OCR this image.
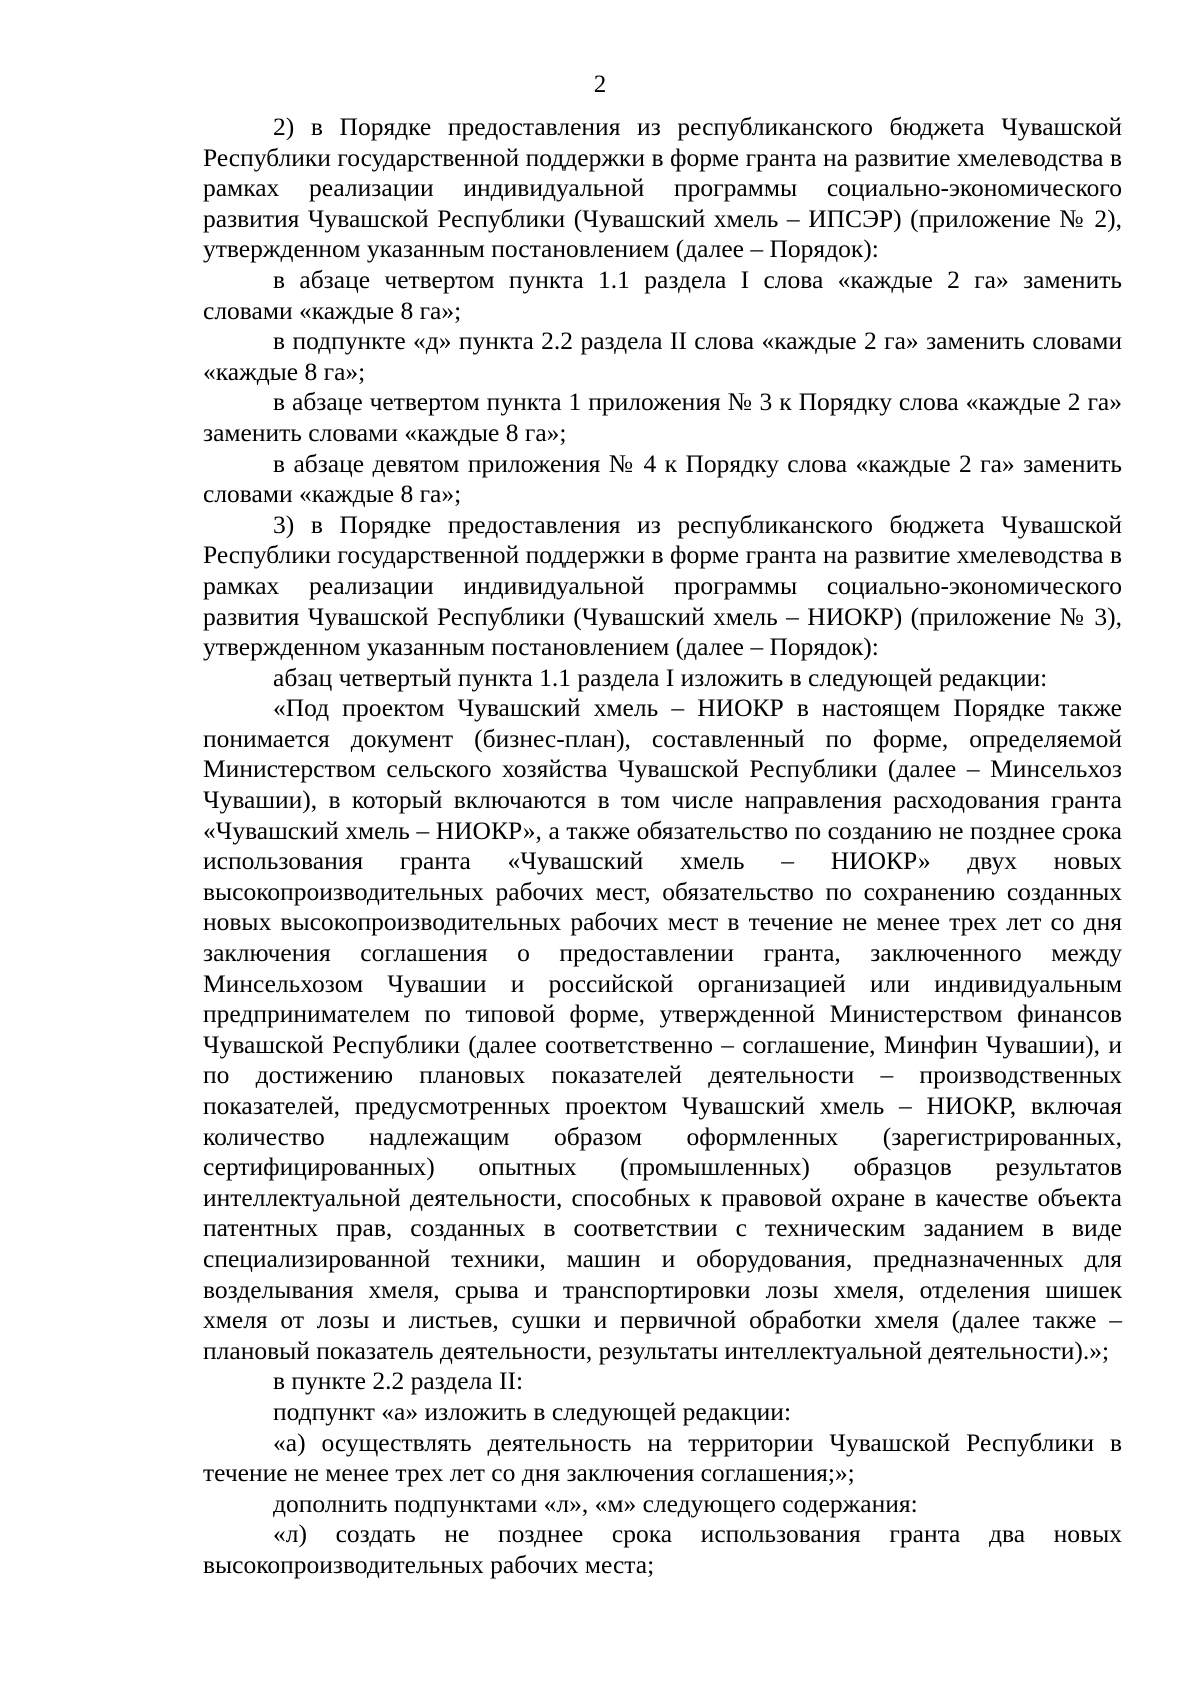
2

2) в Порядке предоставления из республиканского бюджета Чувашской Республики государственной поддержки в форме гранта на развитие хмелеводства в рамках реализации индивидуальной программы социально-экономического развития Чувашской Республики (Чувашский хмель – ИПСЭР) (приложение № 2), утвержденном указанным постановлением (далее – Порядок):

в абзаце четвертом пункта 1.1 раздела I слова «каждые 2 га» заменить словами «каждые 8 га»;

в подпункте «д» пункта 2.2 раздела II слова «каждые 2 га» заменить словами «каждые 8 га»;

в абзаце четвертом пункта 1 приложения № 3 к Порядку слова «каждые 2 га» заменить словами «каждые 8 га»;

в абзаце девятом приложения № 4 к Порядку слова «каждые 2 га» заменить словами «каждые 8 га»;

3) в Порядке предоставления из республиканского бюджета Чувашской Республики государственной поддержки в форме гранта на развитие хмелеводства в рамках реализации индивидуальной программы социально-экономического развития Чувашской Республики (Чувашский хмель – НИОКР) (приложение № 3), утвержденном указанным постановлением (далее – Порядок):

абзац четвертый пункта 1.1 раздела I изложить в следующей редакции:

«Под проектом Чувашский хмель – НИОКР в настоящем Порядке также понимается документ (бизнес-план), составленный по форме, определяемой Министерством сельского хозяйства Чувашской Республики (далее – Минсельхоз Чувашии), в который включаются в том числе направления расходования гранта «Чувашский хмель – НИОКР», а также обязательство по созданию не позднее срока использования гранта «Чувашский хмель – НИОКР» двух новых высокопроизводительных рабочих мест, обязательство по сохранению созданных новых высокопроизводительных рабочих мест в течение не менее трех лет со дня заключения соглашения о предоставлении гранта, заключенного между Минсельхозом Чувашии и российской организацией или индивидуальным предпринимателем по типовой форме, утвержденной Министерством финансов Чувашской Республики (далее соответственно – соглашение, Минфин Чувашии), и по достижению плановых показателей деятельности – производственных показателей, предусмотренных проектом Чувашский хмель – НИОКР, включая количество надлежащим образом оформленных (зарегистрированных, сертифицированных) опытных (промышленных) образцов результатов интеллектуальной деятельности, способных к правовой охране в качестве объекта патентных прав, созданных в соответствии с техническим заданием в виде специализированной техники, машин и оборудования, предназначенных для возделывания хмеля, срыва и транспортировки лозы хмеля, отделения шишек хмеля от лозы и листьев, сушки и первичной обработки хмеля (далее также – плановый показатель деятельности, результаты интеллектуальной деятельности).»;

в пункте 2.2 раздела II:

подпункт «а» изложить в следующей редакции:

«а) осуществлять деятельность на территории Чувашской Республики в течение не менее трех лет со дня заключения соглашения;»;

дополнить подпунктами «л», «м» следующего содержания:

«л) создать не позднее срока использования гранта два новых высокопроизводительных рабочих места;
